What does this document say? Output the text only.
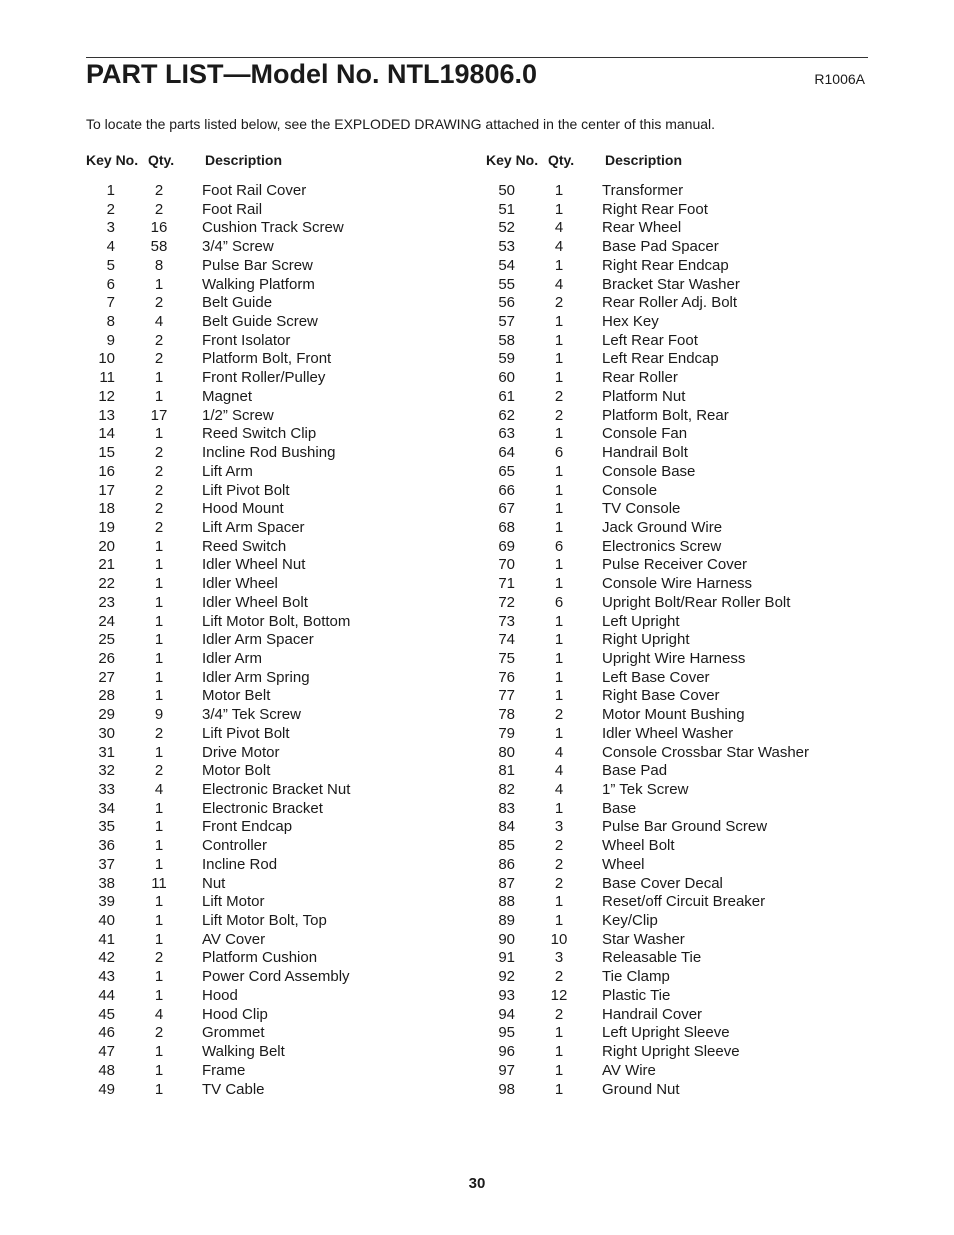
PART LIST—Model No. NTL19806.0	R1006A
To locate the parts listed below, see the EXPLODED DRAWING attached in the center of this manual.
Key No. Qty. Description
1	2	Foot Rail Cover
2	2	Foot Rail
3 16 Cushion Track Screw
4 58 3/4” Screw
5	8	Pulse Bar Screw
6	1	Walking Platform
7	2	Belt Guide
8	4	Belt Guide Screw
9	2	Front Isolator
10	2	Platform Bolt, Front
11	1	Front Roller/Pulley
12	1	Magnet
13 17 1/2” Screw
14	1	Reed Switch Clip
15	2	Incline Rod Bushing
16	2	Lift Arm
17	2	Lift Pivot Bolt
18	2	Hood Mount
19	2	Lift Arm Spacer
20	1	Reed Switch
21	1	Idler Wheel Nut
22	1	Idler Wheel
23	1	Idler Wheel Bolt
24	1	Lift Motor Bolt, Bottom
25	1	Idler Arm Spacer
26	1	Idler Arm
27	1	Idler Arm Spring
28	1	Motor Belt
29	9	3/4” Tek Screw
30	2	Lift Pivot Bolt
31	1	Drive Motor
32	2	Motor Bolt
33	4	Electronic Bracket Nut
34	1	Electronic Bracket
35	1	Front Endcap
36	1	Controller
37	1	Incline Rod
38 11 Nut
39	1	Lift Motor
40	1	Lift Motor Bolt, Top
41	1	AV Cover
42	2	Platform Cushion
43	1	Power Cord Assembly
44	1	Hood
45	4	Hood Clip
46	2	Grommet
47	1	Walking Belt
48	1	Frame
49	1	TV Cable
Key No. Qty. Description
50	1	Transformer
51	1	Right Rear Foot
52	4	Rear Wheel
53	4	Base Pad Spacer
54	1	Right Rear Endcap
55	4	Bracket Star Washer
56	2	Rear Roller Adj. Bolt
57	1	Hex Key
58	1	Left Rear Foot
59	1	Left Rear Endcap
60	1	Rear Roller
61	2	Platform Nut
62	2	Platform Bolt, Rear
63	1	Console Fan
64	6	Handrail Bolt
65	1	Console Base
66	1	Console
67	1	TV Console
68	1	Jack Ground Wire
69	6	Electronics Screw
70	1	Pulse Receiver Cover
71	1	Console Wire Harness
72	6	Upright Bolt/Rear Roller Bolt
73	1	Left Upright
74	1	Right Upright
75	1	Upright Wire Harness
76	1	Left Base Cover
77	1	Right Base Cover
78	2	Motor Mount Bushing
79	1	Idler Wheel Washer
80	4	Console Crossbar Star Washer
81	4	Base Pad
82	4	1” Tek Screw
83	1	Base
84	3	Pulse Bar Ground Screw
85	2	Wheel Bolt
86	2	Wheel
87	2	Base Cover Decal
88	1	Reset/off Circuit Breaker
89	1	Key/Clip
90 10 Star Washer
91	3	Releasable Tie
92	2	Tie Clamp
93 12 Plastic Tie
94	2	Handrail Cover
95	1	Left Upright Sleeve
96	1	Right Upright Sleeve
97	1	AV Wire
98	1	Ground Nut
30
